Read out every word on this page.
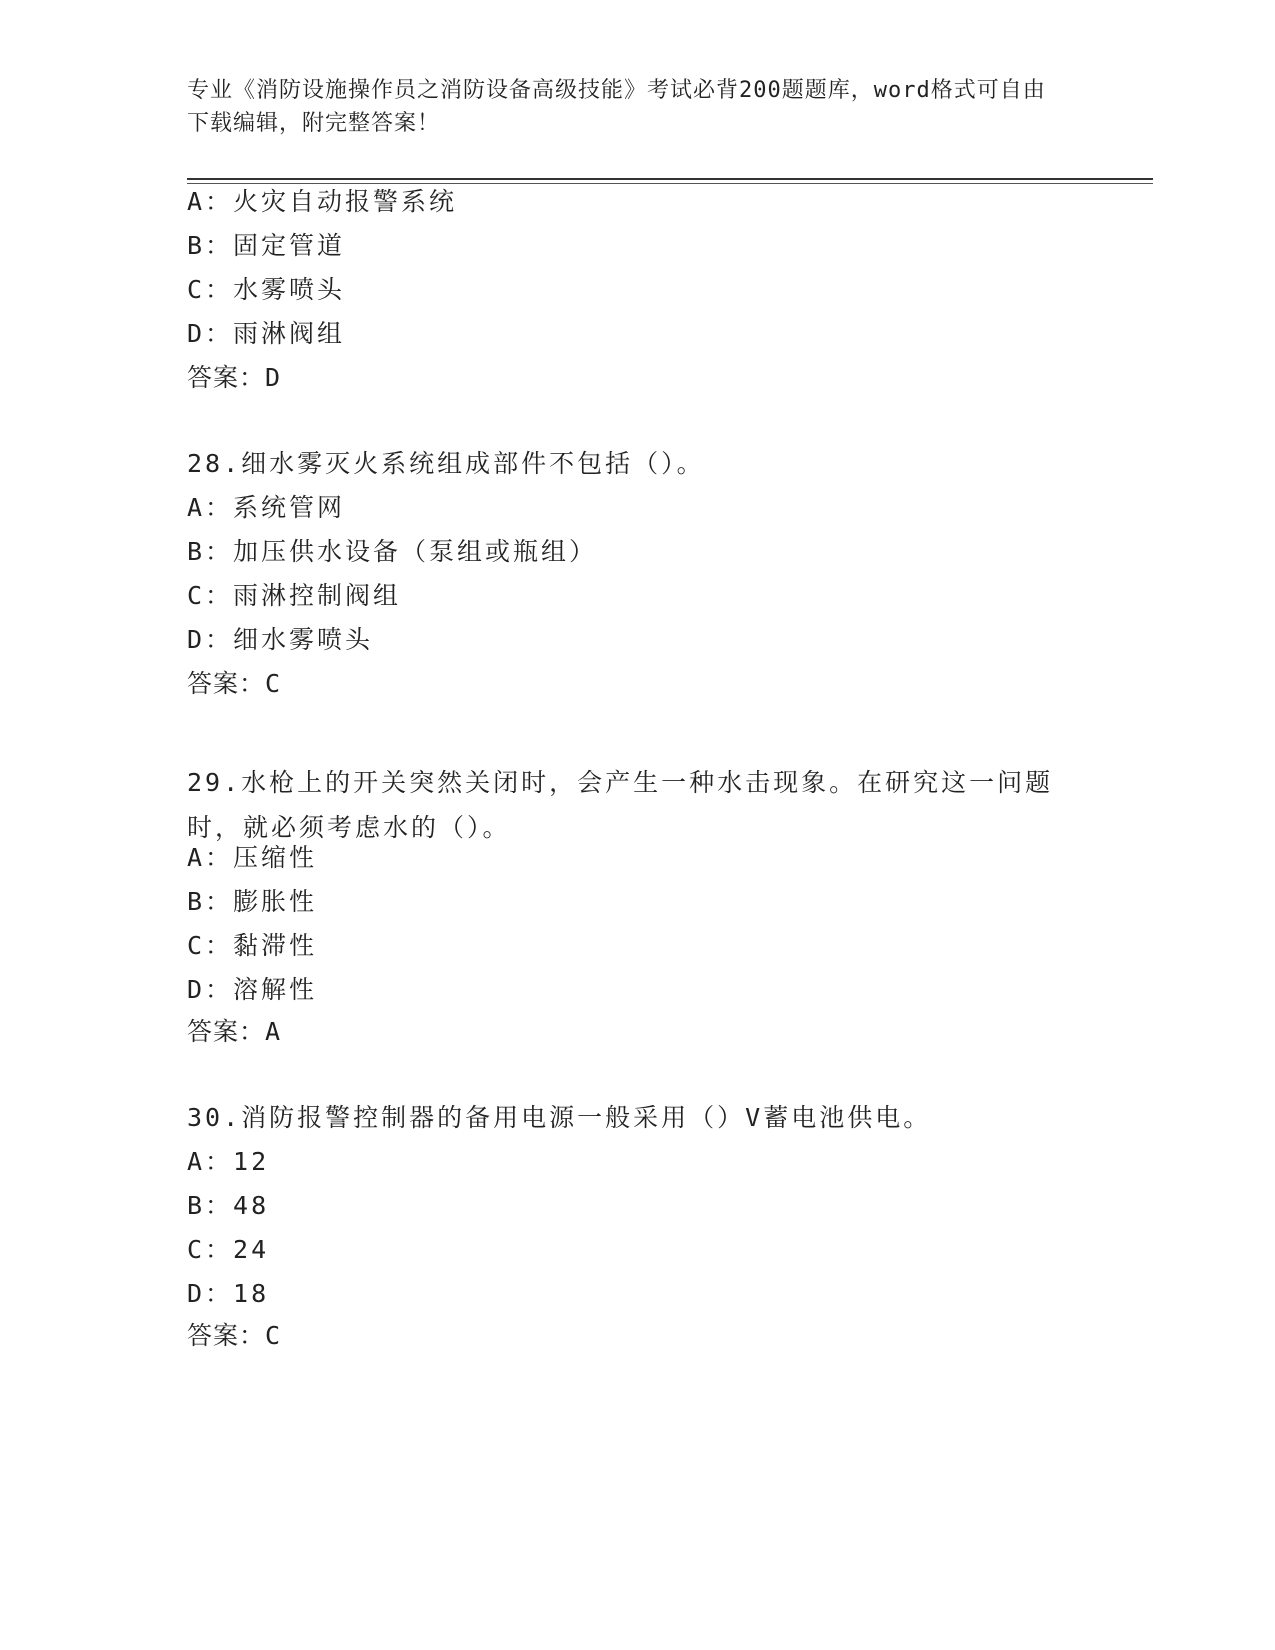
专业《消防设施操作员之消防设备高级技能》考试必背200题题库，word格式可自由下载编辑，附完整答案！
A：火灾自动报警系统
B：固定管道
C：水雾喷头
D：雨淋阀组
答案：D
28.细水雾灭火系统组成部件不包括（）。
A：系统管网
B：加压供水设备（泵组或瓶组）
C：雨淋控制阀组
D：细水雾喷头
答案：C
29.水枪上的开关突然关闭时，会产生一种水击现象。在研究这一问题时，就必须考虑水的（）。
A：压缩性
B：膨胀性
C：黏滞性
D：溶解性
答案：A
30.消防报警控制器的备用电源一般采用（）V蓄电池供电。
A：12
B：48
C：24
D：18
答案：C
